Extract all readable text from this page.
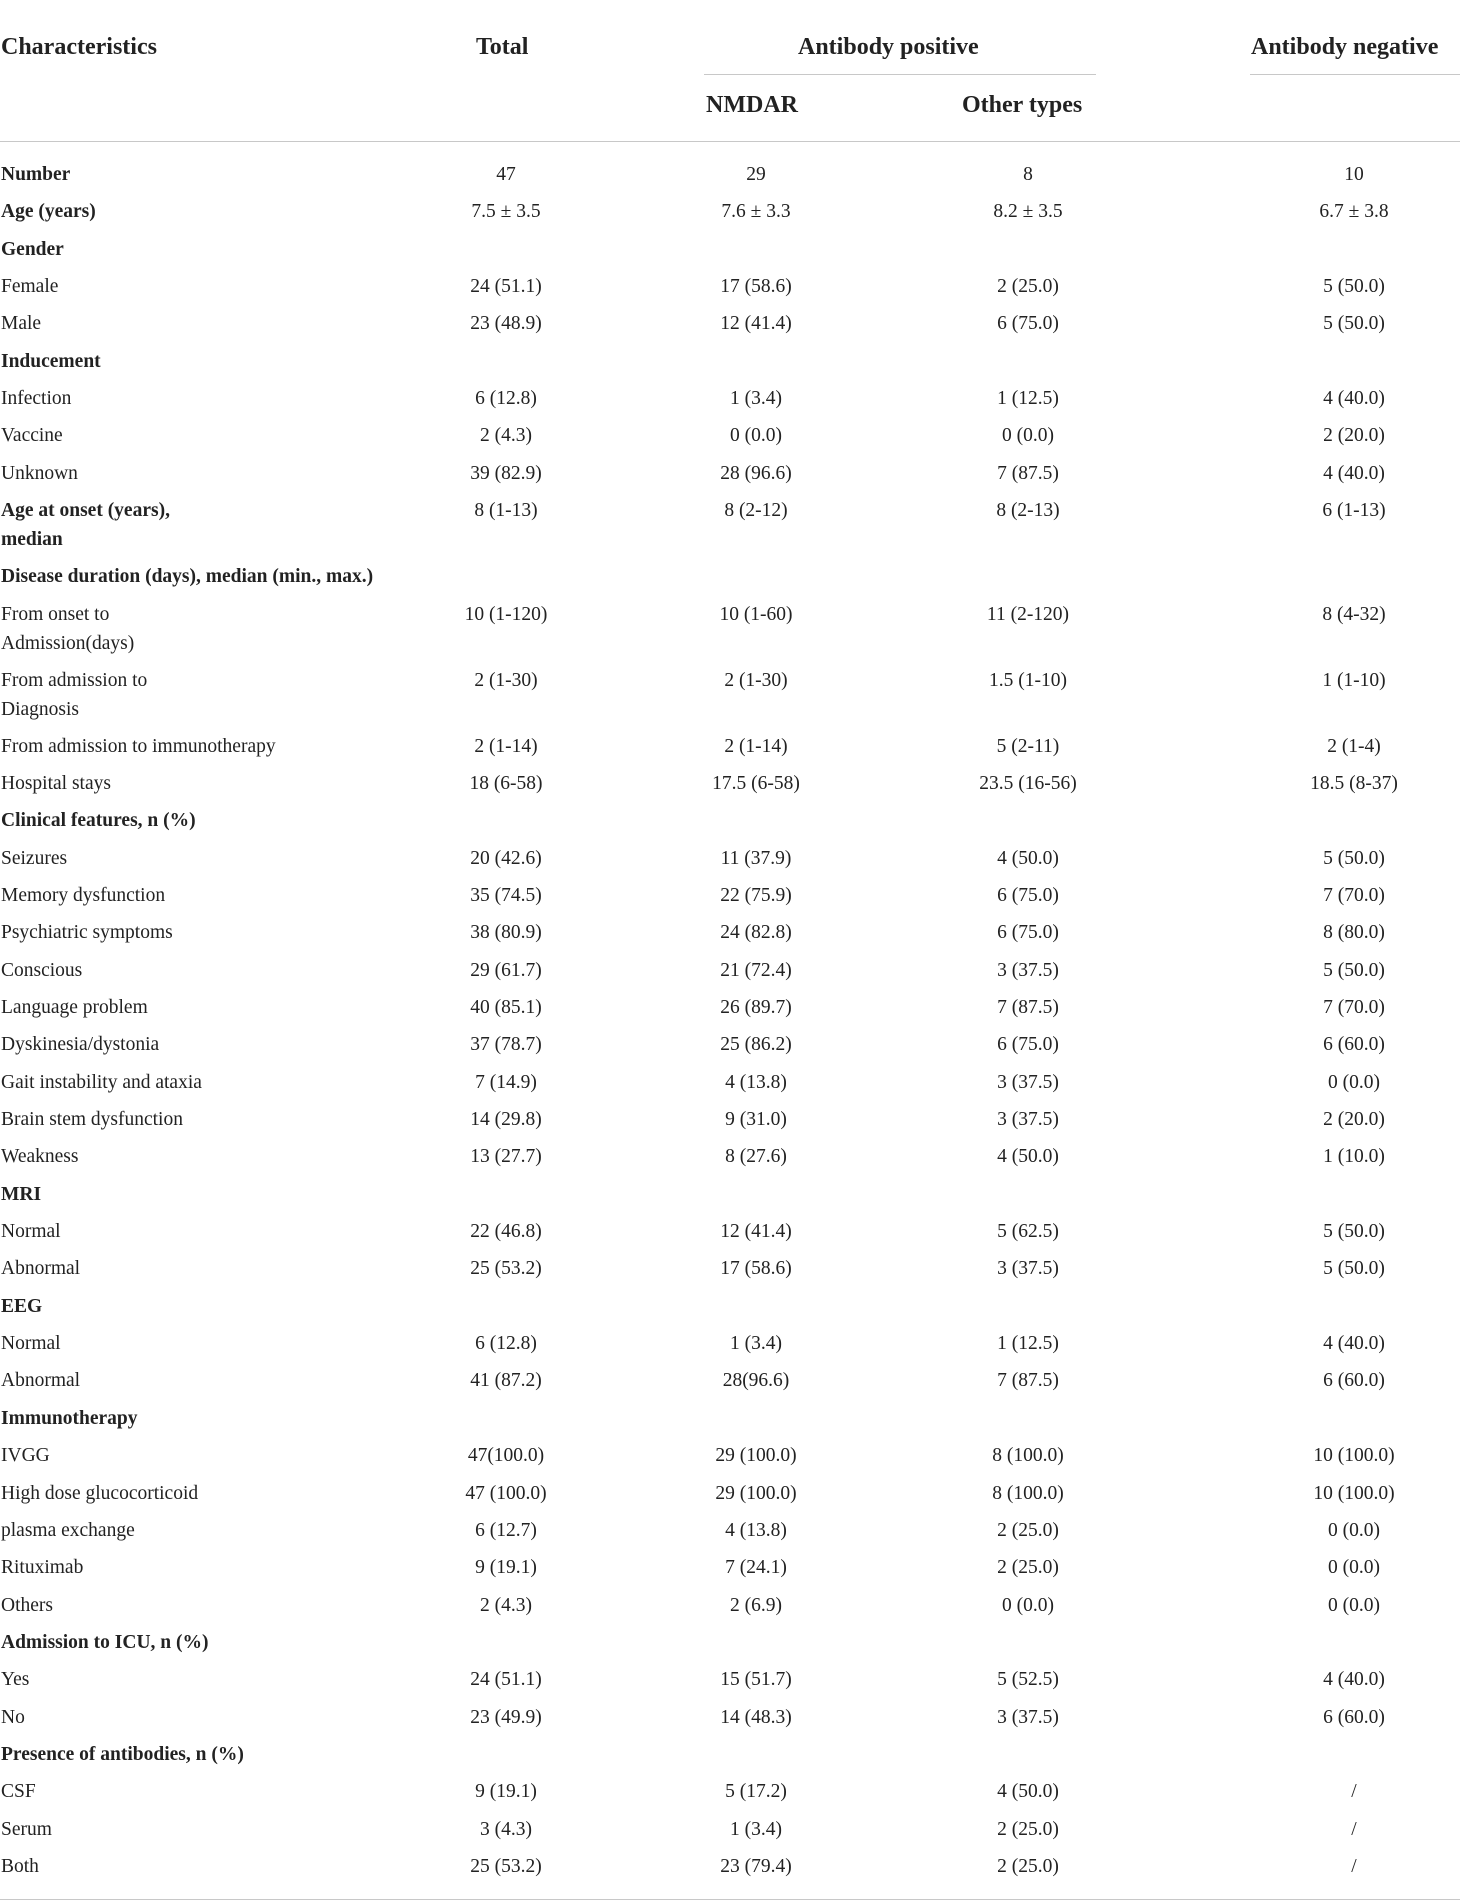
Characteristics	Total	Antibody positive	Antibody negative
NMDAR	Other types
Number	47	29	8	10
Age (years)	7.5 ± 3.5	7.6 ± 3.3	8.2 ± 3.5	6.7 ± 3.8
Gender
Female	24 (51.1)	17 (58.6)	2 (25.0)	5 (50.0)
Male	23 (48.9)	12 (41.4)	6 (75.0)	5 (50.0)
Inducement
Infection	6 (12.8)	1 (3.4)	1 (12.5)	4 (40.0)
Vaccine	2 (4.3)	0 (0.0)	0 (0.0)	2 (20.0)
Unknown	39 (82.9)	28 (96.6)	7 (87.5)	4 (40.0)
Age at onset (years),
median
8 (1-13)	8 (2-12)	8 (2-13)	6 (1-13)
Disease duration (days), median (min., max.)
From onset to
Admission(days)
10 (1-120)	10 (1-60)	11 (2-120)	8 (4-32)
From admission to
Diagnosis
2 (1-30)	2 (1-30)	1.5 (1-10)	1 (1-10)
From admission to immunotherapy	2 (1-14)	2 (1-14)	5 (2-11)	2 (1-4)
Hospital stays	18 (6-58)	17.5 (6-58)	23.5 (16-56)	18.5 (8-37)
Clinical features, n (%)
Seizures	20 (42.6)	11 (37.9)	4 (50.0)	5 (50.0)
Memory dysfunction	35 (74.5)	22 (75.9)	6 (75.0)	7 (70.0)
Psychiatric symptoms	38 (80.9)	24 (82.8)	6 (75.0)	8 (80.0)
Conscious	29 (61.7)	21 (72.4)	3 (37.5)	5 (50.0)
Language problem	40 (85.1)	26 (89.7)	7 (87.5)	7 (70.0)
Dyskinesia/dystonia	37 (78.7)	25 (86.2)	6 (75.0)	6 (60.0)
Gait instability and ataxia	7 (14.9)	4 (13.8)	3 (37.5)	0 (0.0)
Brain stem dysfunction	14 (29.8)	9 (31.0)	3 (37.5)	2 (20.0)
Weakness	13 (27.7)	8 (27.6)	4 (50.0)	1 (10.0)
MRI
Normal	22 (46.8)	12 (41.4)	5 (62.5)	5 (50.0)
Abnormal	25 (53.2)	17 (58.6)	3 (37.5)	5 (50.0)
EEG
Normal	6 (12.8)	1 (3.4)	1 (12.5)	4 (40.0)
Abnormal	41 (87.2)	28(96.6)	7 (87.5)	6 (60.0)
Immunotherapy
IVGG	47(100.0)	29 (100.0)	8 (100.0)	10 (100.0)
High dose glucocorticoid	47 (100.0)	29 (100.0)	8 (100.0)	10 (100.0)
plasma exchange	6 (12.7)	4 (13.8)	2 (25.0)	0 (0.0)
Rituximab	9 (19.1)	7 (24.1)	2 (25.0)	0 (0.0)
Others	2 (4.3)	2 (6.9)	0 (0.0)	0 (0.0)
Admission to ICU, n (%)
Yes	24 (51.1)	15 (51.7)	5 (52.5)	4 (40.0)
No	23 (49.9)	14 (48.3)	3 (37.5)	6 (60.0)
Presence of antibodies, n (%)
CSF	9 (19.1)	5 (17.2)	4 (50.0)	/
Serum	3 (4.3)	1 (3.4)	2 (25.0)	/
Both	25 (53.2)	23 (79.4)	2 (25.0)	/
